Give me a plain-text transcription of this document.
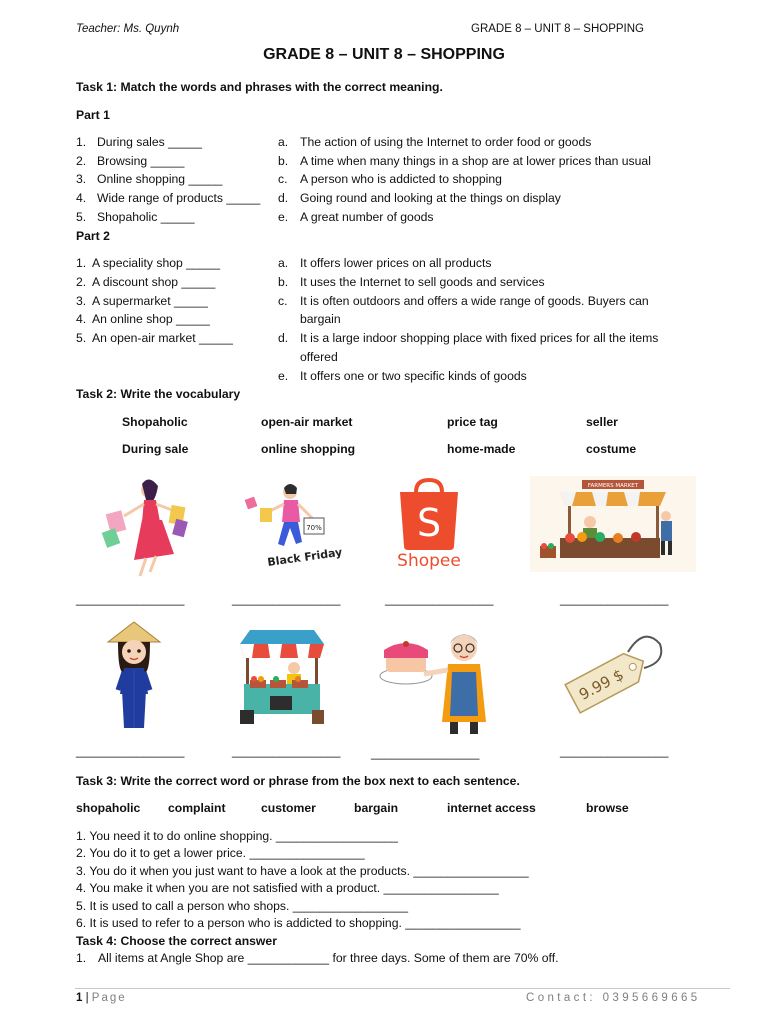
Teacher: Ms. Quynh	GRADE 8 – UNIT 8 – SHOPPING
GRADE 8 – UNIT 8 – SHOPPING
Task 1: Match the words and phrases with the correct meaning.
Part 1
1. During sales _____
2. Browsing _____
3. Online shopping _____
4. Wide range of products _____
5. Shopaholic _____
a. The action of using the Internet to order food or goods
b. A time when many things in a shop are at lower prices than usual
c. A person who is addicted to shopping
d. Going round and looking at the things on display
e. A great number of goods
Part 2
1. A speciality shop _____
2. A discount shop _____
3. A supermarket _____
4. An online shop _____
5. An open-air market _____
a. It offers lower prices on all products
b. It uses the Internet to sell goods and services
c. It is often outdoors and offers a wide range of goods. Buyers can
bargain
d. It is a large indoor shopping place with fixed prices for all the items
offered
e. It offers one or two specific kinds of goods
Task 2: Write the vocabulary
Shopaholic	open-air market	price tag	seller
During sale	online shopping	home-made	costume
70%
Black Friday
S
Shopee
FARMERS MARKET
________________	________________	________________	________________
9.99 $
________________	________________	________________	________________
Task 3: Write the correct word or phrase from the box next to each sentence.
shopaholic complaint	customer	bargain	internet access	browse
1. You need it to do online shopping. __________________
2. You do it to get a lower price. _________________
3. You do it when you just want to have a look at the products. _________________
4. You make it when you are not satisfied with a product. _________________
5. It is used to call a person who shops. _________________
6. It is used to refer to a person who is addicted to shopping. _________________
Task 4: Choose the correct answer
1. All items at Angle Shop are ____________ for three days. Some of them are 70% off.
1 | Page	Contact: 0395669665
